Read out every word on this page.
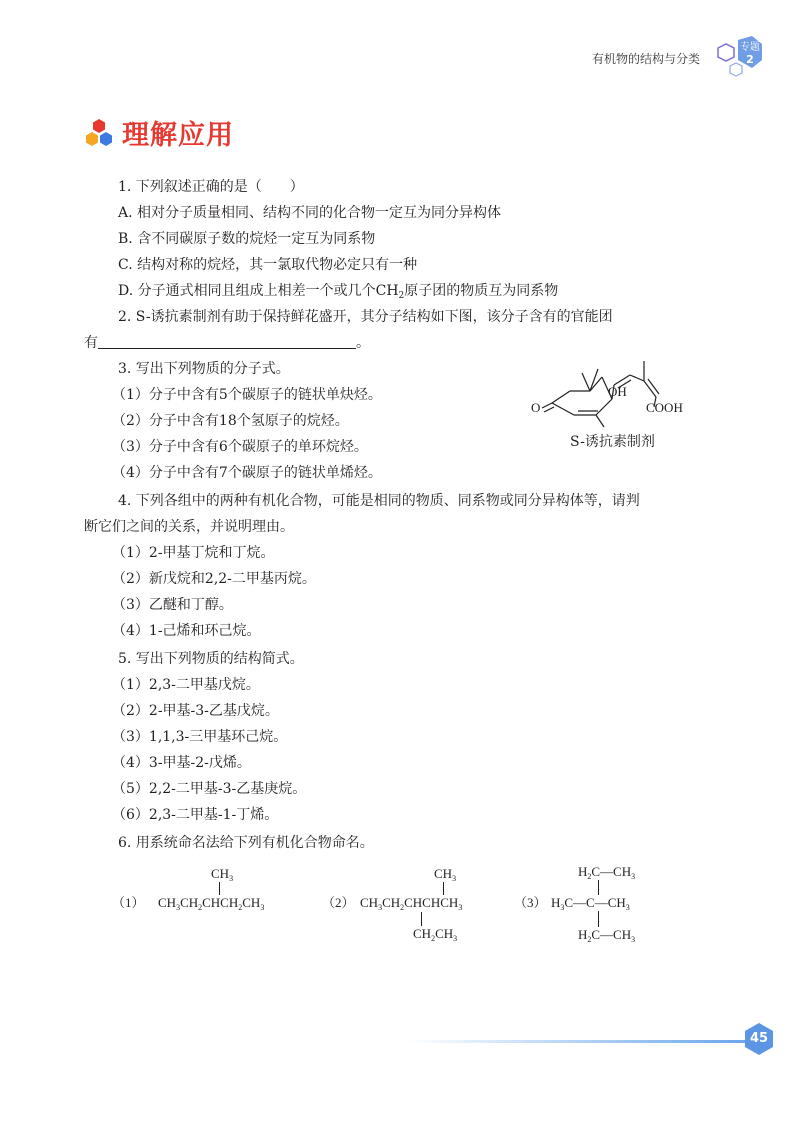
有机物的结构与分类
专题
2
理解应用
1. 下列叙述正确的是（　　）
A. 相对分子质量相同、结构不同的化合物一定互为同分异构体
B. 含不同碳原子数的烷烃一定互为同系物
C. 结构对称的烷烃，其一氯取代物必定只有一种
D. 分子通式相同且组成上相差一个或几个$CH_2$原子团的物质互为同系物
2. S-诱抗素制剂有助于保持鲜花盛开，其分子结构如下图，该分子含有的官能团
有	。
O
OH
COOH
S-诱抗素制剂
3. 写出下列物质的分子式。
（1）分子中含有5个碳原子的链状单炔烃。
（2）分子中含有18个氢原子的烷烃。
（3）分子中含有6个碳原子的单环烷烃。
（4）分子中含有7个碳原子的链状单烯烃。
4. 下列各组中的两种有机化合物，可能是相同的物质、同系物或同分异构体等，请判
断它们之间的关系，并说明理由。
（1）2-甲基丁烷和丁烷。
（2）新戊烷和2,2-二甲基丙烷。
（3）乙醚和丁醇。
（4）1-己烯和环己烷。
5. 写出下列物质的结构简式。
（1）2,3-二甲基戊烷。
（2）2-甲基-3-乙基戊烷。
（3）1,1,3-三甲基环己烷。
（4）3-甲基-2-戊烯。
（5）2,2-二甲基-3-乙基庚烷。
（6）2,3-二甲基-1-丁烯。
6. 用系统命名法给下列有机化合物命名。
（1）
$CH_3$
$CH_3CH_2CHCH_2CH_3$	（2）
$CH_3$
$CH_3CH_2CHCHCH_3$
$CH_2CH_3$
（3）
$H_2C—CH_3$
$H_3C—C—CH_3$
$H_2C—CH_3$
45
